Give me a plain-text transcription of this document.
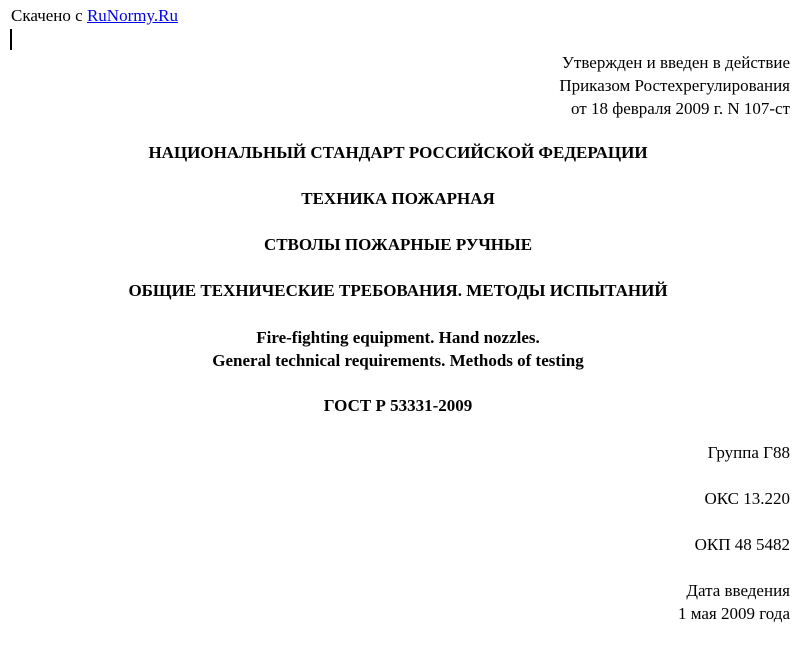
Скачено с RuNormy.Ru
Утвержден и введен в действие
Приказом Ростехрегулирования
от 18 февраля 2009 г. N 107-ст
НАЦИОНАЛЬНЫЙ СТАНДАРТ РОССИЙСКОЙ ФЕДЕРАЦИИ
ТЕХНИКА ПОЖАРНАЯ
СТВОЛЫ ПОЖАРНЫЕ РУЧНЫЕ
ОБЩИЕ ТЕХНИЧЕСКИЕ ТРЕБОВАНИЯ. МЕТОДЫ ИСПЫТАНИЙ
Fire-fighting equipment. Hand nozzles.
General technical requirements. Methods of testing
ГОСТ Р 53331-2009
Группа Г88
ОКС 13.220
ОКП 48 5482
Дата введения
1 мая 2009 года
